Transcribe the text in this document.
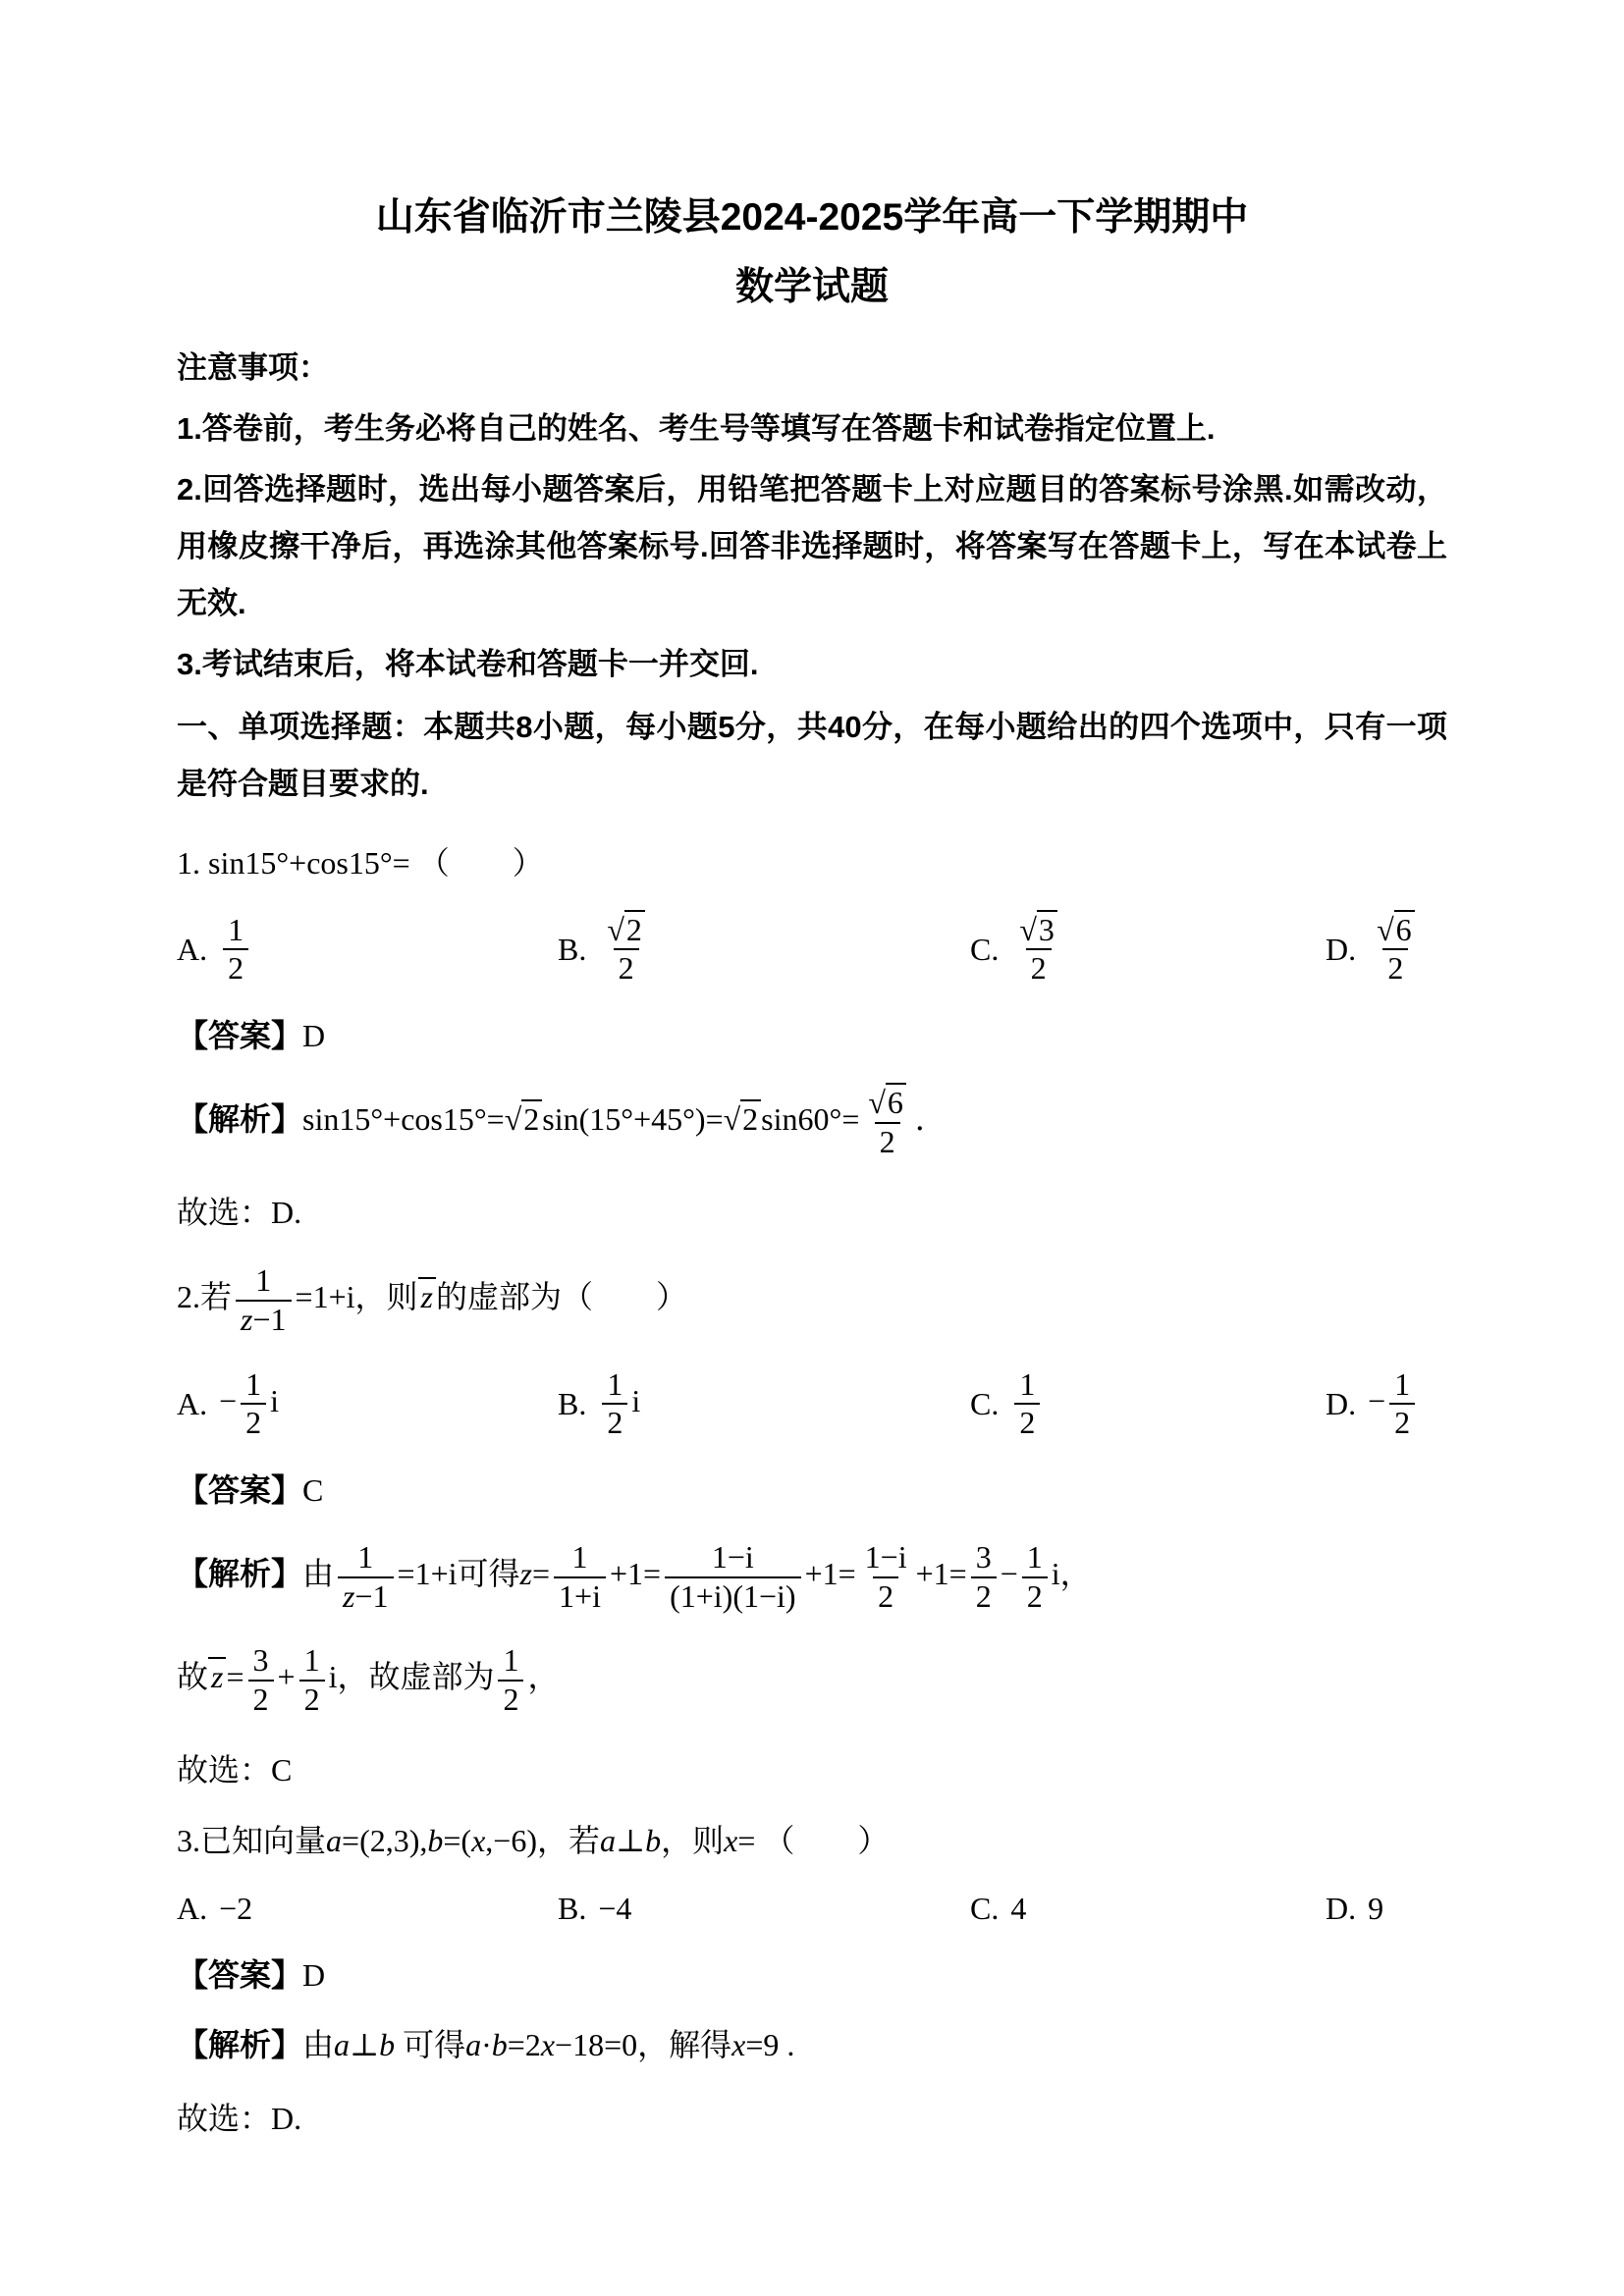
山东省临沂市兰陵县2024-2025学年高一下学期期中
数学试题

注意事项：

1.答卷前，考生务必将自己的姓名、考生号等填写在答题卡和试卷指定位置上.

2.回答选择题时，选出每小题答案后，用铅笔把答题卡上对应题目的答案标号涂黑.如需改动，用橡皮擦干净后，再选涂其他答案标号.回答非选择题时，将答案写在答题卡上，写在本试卷上无效.

3.考试结束后，将本试卷和答题卡一并交回.

一、单项选择题：本题共8小题，每小题5分，共40分，在每小题给出的四个选项中，只有一项是符合题目要求的.

1. sin15°+cos15°= （　　）

A. $\frac{1}{2}$	B. $\frac{√2}{2}$	C. $\frac{√3}{2}$	D. $\frac{√6}{2}$

【答案】D

【解析】$\sin 15^\circ+\cos 15^\circ=√2\sin(15^\circ+45^\circ)=√2\sin 60^\circ= \frac{√6}{2}$ ．

故选：D.

2.若 $\frac{1}{z-1} =1+i$，则z的虚部为（　　）

A. − $\frac{1}{2}$ i	B. $\frac{1}{2}$ i	C. $\frac{1}{2}$	D. − $\frac{1}{2}$

【答案】C

【解析】由 $\frac{1}{z-1} =1+i$可得$z= \frac{1}{1+i} +1= \frac{1-i}{(1+i)(1-i)} +1= \frac{1-i}{2} +1= \frac{3}{2} - \frac{1}{2}$ i，

故$z= \frac{3}{2} + \frac{1}{2}$ i，故虚部为 $\frac{1}{2}$ ，

故选：C

3.已知向量a=(2,3),b=(x,−6)，若a⊥b，则x= （　　）

A. −2	B. −4	C. 4	D. 9

【答案】D

【解析】由a⊥b 可得a·b=2x−18=0，解得x=9 .

故选：D.
